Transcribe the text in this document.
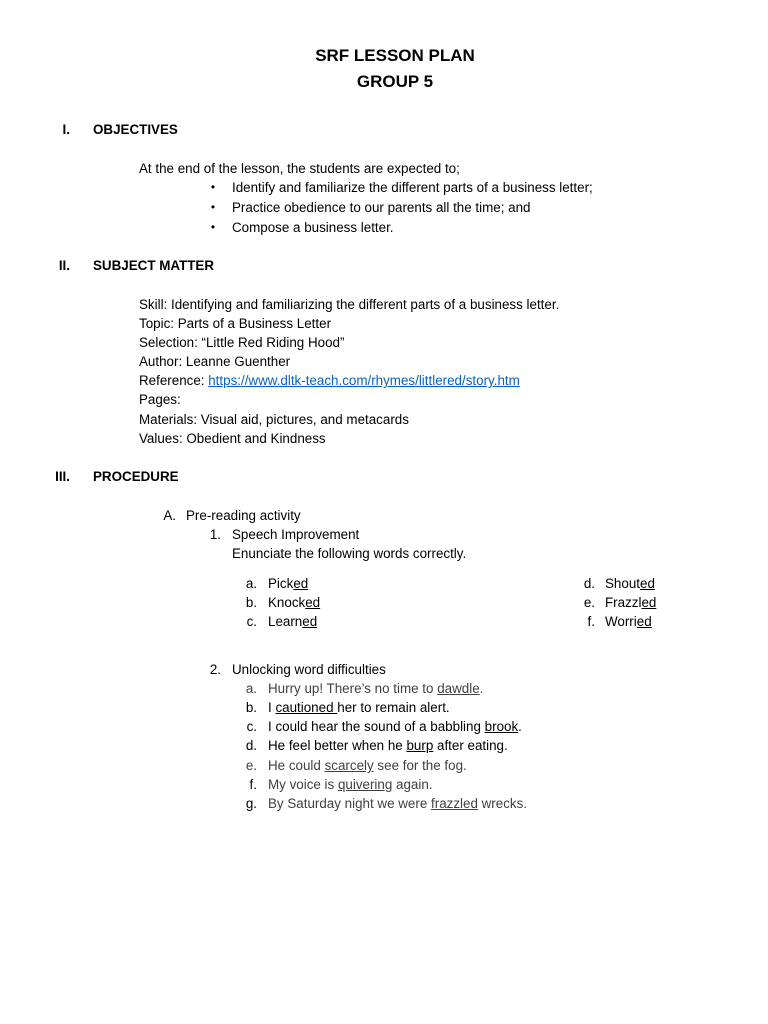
SRF LESSON PLAN
GROUP 5
I. OBJECTIVES
At the end of the lesson, the students are expected to;
• Identify and familiarize the different parts of a business letter;
• Practice obedience to our parents all the time; and
• Compose a business letter.
II. SUBJECT MATTER
Skill: Identifying and familiarizing the different parts of a business letter.
Topic: Parts of a Business Letter
Selection: “Little Red Riding Hood”
Author: Leanne Guenther
Reference: https://www.dltk-teach.com/rhymes/littlered/story.htm
Pages:
Materials: Visual aid, pictures, and metacards
Values: Obedient and Kindness
III. PROCEDURE
A. Pre-reading activity
1. Speech Improvement
Enunciate the following words correctly.
a. Picked
b. Knocked
c. Learned
d. Shouted
e. Frazzled
f. Worried
2. Unlocking word difficulties
a. Hurry up! There’s no time to dawdle.
b. I cautioned her to remain alert.
c. I could hear the sound of a babbling brook.
d. He feel better when he burp after eating.
e. He could scarcely see for the fog.
f. My voice is quivering again.
g. By Saturday night we were frazzled wrecks.
